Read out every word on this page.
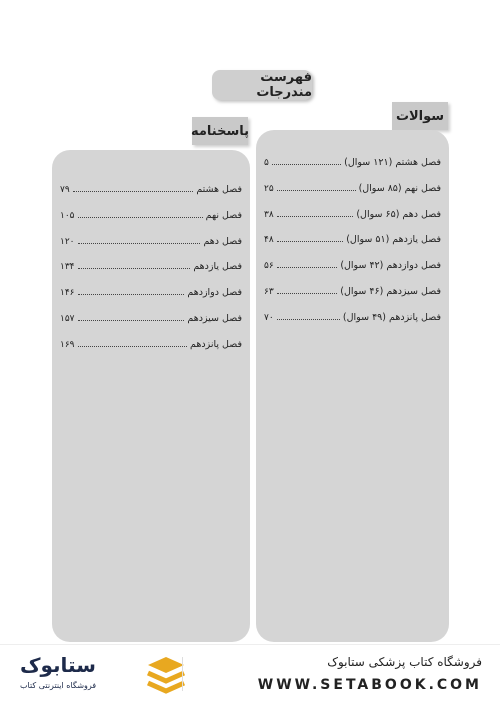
فهرست مندرجات
سوالات
پاسخنامه
فصل هشتم (۱۲۱ سوال)
۵
فصل نهم (۸۵ سوال)
۲۵
فصل دهم (۶۵ سوال)
۳۸
فصل یازدهم (۵۱ سوال)
۴۸
فصل دوازدهم (۴۲ سوال)
۵۶
فصل سیزدهم (۴۶ سوال)
۶۳
فصل پانزدهم (۴۹ سوال)
۷۰
فصل هشتم
۷۹
فصل نهم
۱۰۵
فصل دهم
۱۲۰
فصل یازدهم
۱۳۴
فصل دوازدهم
۱۴۶
فصل سیزدهم
۱۵۷
فصل پانزدهم
۱۶۹
ستابوک
فروشگاه اینترنتی کتاب
فروشگاه کتاب پزشکی ستابوک
WWW.SETABOOK.COM
